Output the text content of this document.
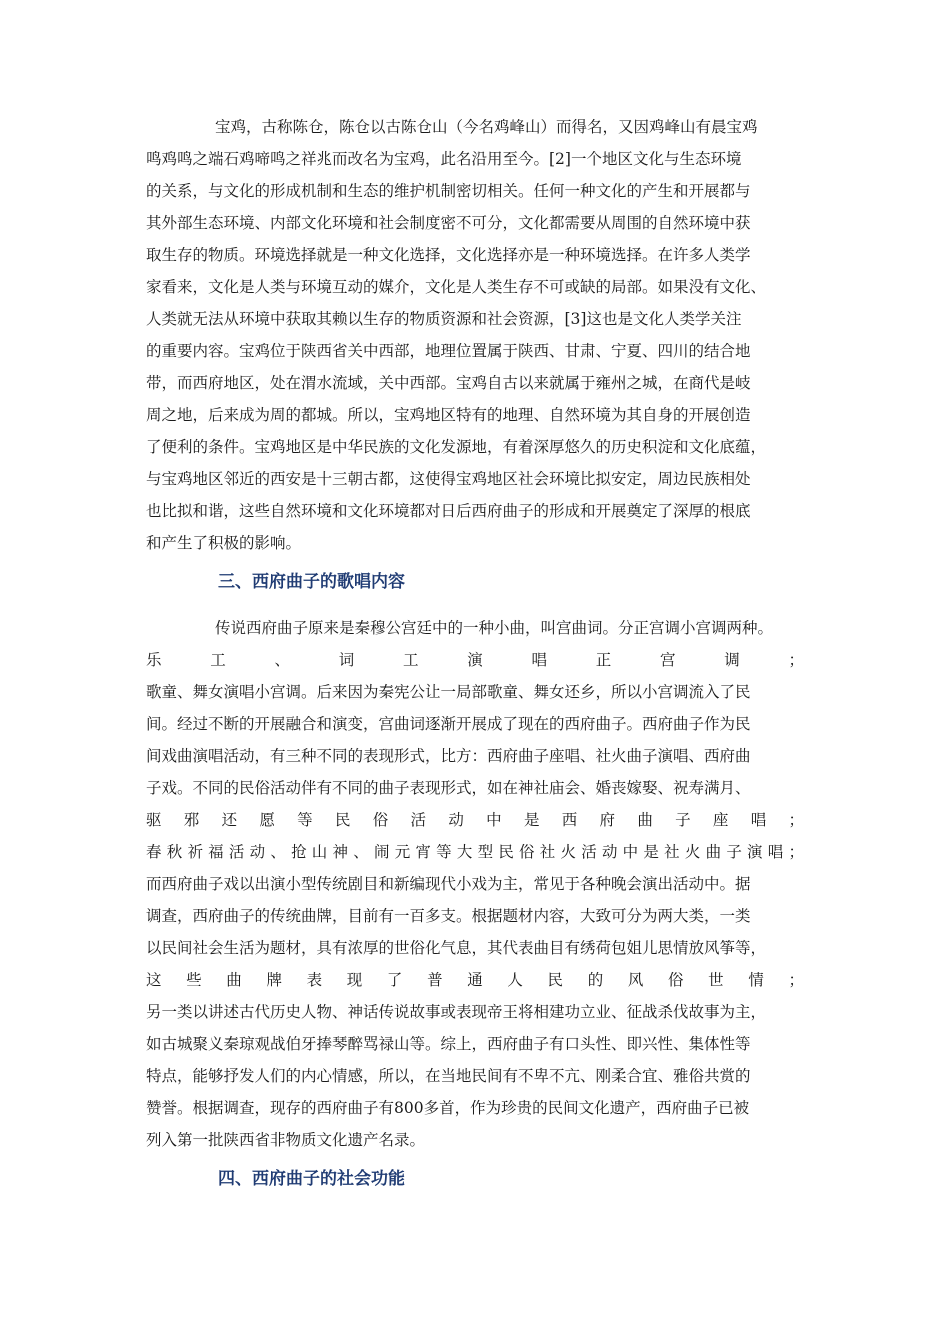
宝鸡，古称陈仓，陈仓以古陈仓山（今名鸡峰山）而得名，又因鸡峰山有晨宝鸡
鸣鸡鸣之端石鸡啼鸣之祥兆而改名为宝鸡，此名沿用至今。[2]一个地区文化与生态环境
的关系，与文化的形成机制和生态的维护机制密切相关。任何一种文化的产生和开展都与
其外部生态环境、内部文化环境和社会制度密不可分，文化都需要从周围的自然环境中获
取生存的物质。环境选择就是一种文化选择，文化选择亦是一种环境选择。在许多人类学
家看来，文化是人类与环境互动的媒介，文化是人类生存不可或缺的局部。如果没有文化、
人类就无法从环境中获取其赖以生存的物质资源和社会资源，[3]这也是文化人类学关注
的重要内容。宝鸡位于陕西省关中西部，地理位置属于陕西、甘肃、宁夏、四川的结合地
带，而西府地区，处在渭水流域，关中西部。宝鸡自古以来就属于雍州之城，在商代是岐
周之地，后来成为周的都城。所以，宝鸡地区特有的地理、自然环境为其自身的开展创造
了便利的条件。宝鸡地区是中华民族的文化发源地，有着深厚悠久的历史积淀和文化底蕴，
与宝鸡地区邻近的西安是十三朝古都，这使得宝鸡地区社会环境比拟安定，周边民族相处
也比拟和谐，这些自然环境和文化环境都对日后西府曲子的形成和开展奠定了深厚的根底
和产生了积极的影响。
三、西府曲子的歌唱内容
传说西府曲子原来是秦穆公宫廷中的一种小曲，叫宫曲词。分正宫调小宫调两种。
乐 工 、 词 工 演 唱 正 宫 调 ；
歌童、舞女演唱小宫调。后来因为秦宪公让一局部歌童、舞女还乡，所以小宫调流入了民
间。经过不断的开展融合和演变，宫曲词逐渐开展成了现在的西府曲子。西府曲子作为民
间戏曲演唱活动，有三种不同的表现形式，比方：西府曲子座唱、社火曲子演唱、西府曲
子戏。不同的民俗活动伴有不同的曲子表现形式，如在神社庙会、婚丧嫁娶、祝寿满月、
驱 邪 还 愿 等 民 俗 活 动 中 是 西 府 曲 子 座 唱 ；
春 秋 祈 福 活 动 、 抢 山 神 、 闹 元 宵 等 大 型 民 俗 社 火 活 动 中 是 社 火 曲 子 演 唱 ；
而西府曲子戏以出演小型传统剧目和新编现代小戏为主，常见于各种晚会演出活动中。据
调查，西府曲子的传统曲牌，目前有一百多支。根据题材内容，大致可分为两大类，一类
以民间社会生活为题材，具有浓厚的世俗化气息，其代表曲目有绣荷包姐儿思情放风筝等，
这 些 曲 牌 表 现 了 普 通 人 民 的 风 俗 世 情 ；
另一类以讲述古代历史人物、神话传说故事或表现帝王将相建功立业、征战杀伐故事为主，
如古城聚义秦琼观战伯牙捧琴醉骂禄山等。综上，西府曲子有口头性、即兴性、集体性等
特点，能够抒发人们的内心情感，所以，在当地民间有不卑不亢、刚柔合宜、雅俗共赏的
赞誉。根据调查，现存的西府曲子有800多首，作为珍贵的民间文化遗产，西府曲子已被
列入第一批陕西省非物质文化遗产名录。
四、西府曲子的社会功能
